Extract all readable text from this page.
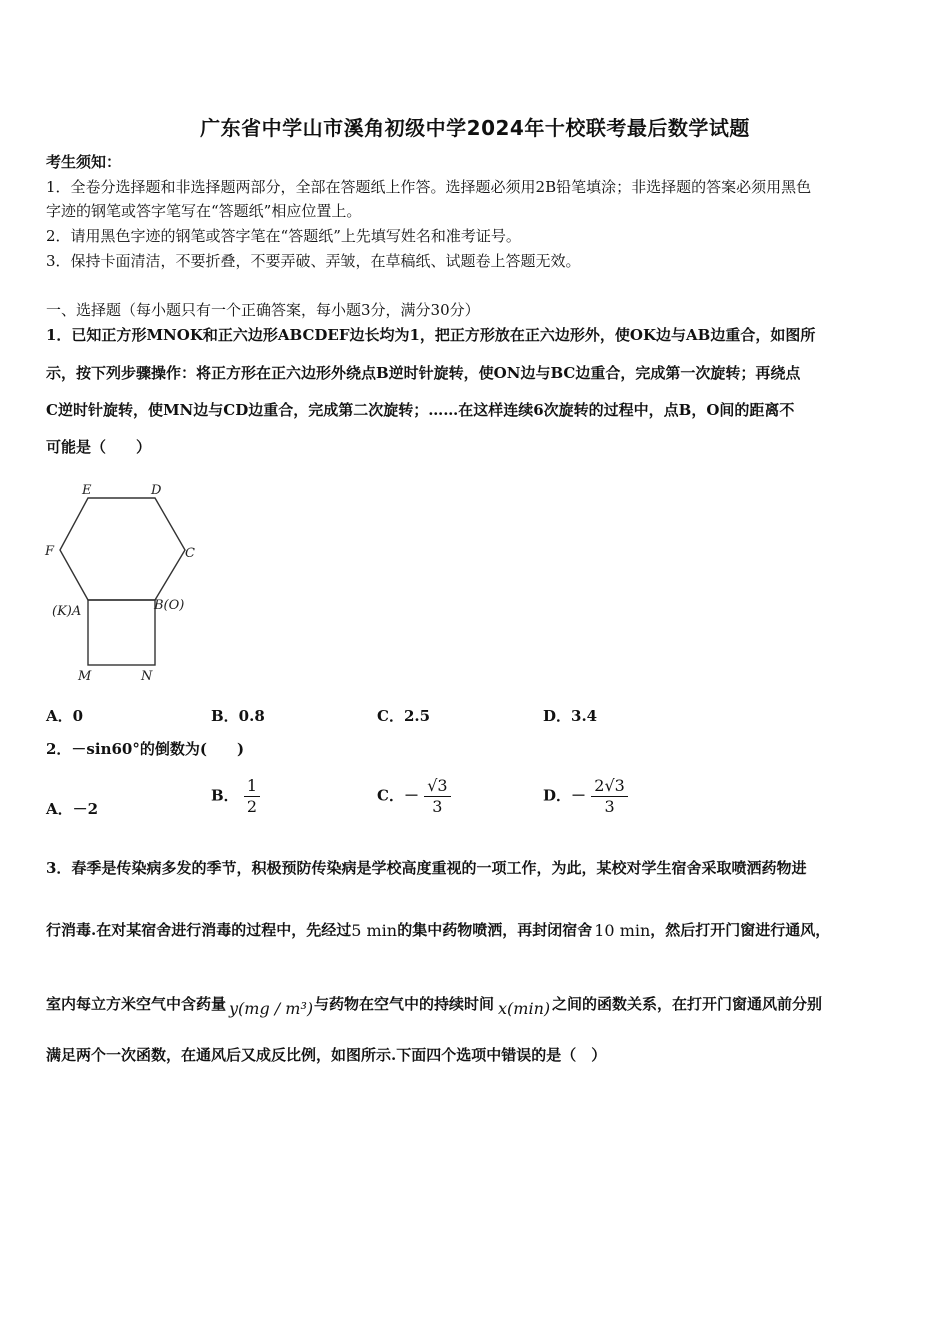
广东省中学山市溪角初级中学2024年十校联考最后数学试题
考生须知：
1．全卷分选择题和非选择题两部分，全部在答题纸上作答。选择题必须用2B铅笔填涂；非选择题的答案必须用黑色
字迹的钢笔或答字笔写在“答题纸”相应位置上。
2．请用黑色字迹的钢笔或答字笔在“答题纸”上先填写姓名和准考证号。
3．保持卡面清洁，不要折叠，不要弄破、弄皱，在草稿纸、试题卷上答题无效。
一、选择题（每小题只有一个正确答案，每小题3分，满分30分）
1．已知正方形MNOK和正六边形ABCDEF边长均为1，把正方形放在正六边形外，使OK边与AB边重合，如图所
示，按下列步骤操作：将正方形在正六边形外绕点B逆时针旋转，使ON边与BC边重合，完成第一次旋转；再绕点
C逆时针旋转，使MN边与CD边重合，完成第二次旋转；……在这样连续6次旋转的过程中，点B，O间的距离不
可能是（　　）
E	D
F	C
(K)A	B(O)
M	N
A．0	B．0.8	C．2.5	D．3.4
2．－sin60°的倒数为(　　)
A．－2
B． $\frac{1}{2}$	C．－ $\frac{√3}{3}$	D．－ $\frac{2√3}{3}$
3．春季是传染病多发的季节，积极预防传染病是学校高度重视的一项工作，为此，某校对学生宿舍采取喷洒药物进
行消毒.在对某宿舍进行消毒的过程中，先经过 5 min 的集中药物喷洒，再封闭宿舍 10 min ，然后打开门窗进行通风，
室内每立方米空气中含药量 y(mg / m³) 与药物在空气中的持续时间 x(min) 之间的函数关系，在打开门窗通风前分别
满足两个一次函数，在通风后又成反比例，如图所示.下面四个选项中错误的是（　）
